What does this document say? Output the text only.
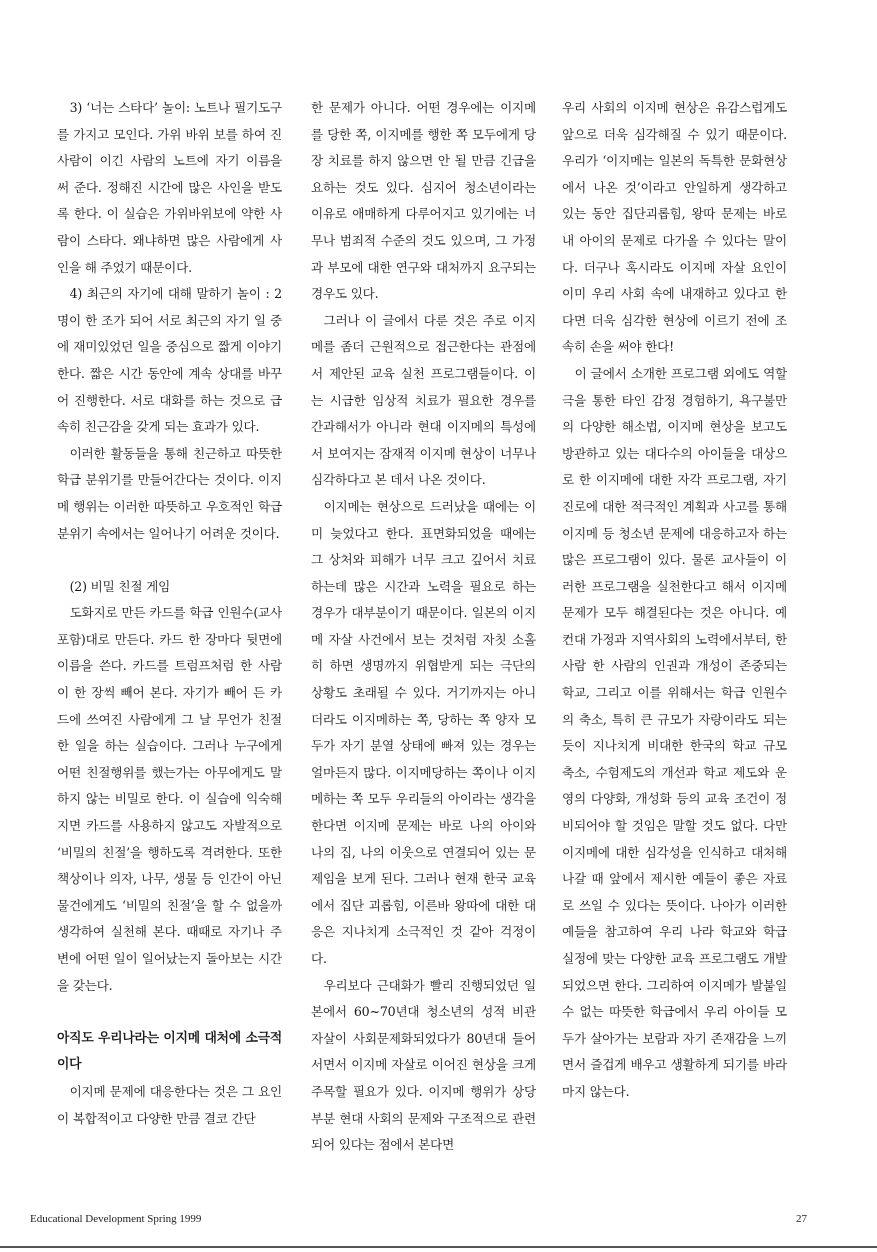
3) ‘너는 스타다’ 놀이: 노트나 필기도구를 가지고 모인다. 가위 바위 보를 하여 진 사람이 이긴 사람의 노트에 자기 이름을 써 준다. 정해진 시간에 많은 사인을 받도록 한다. 이 실습은 가위바위보에 약한 사람이 스타다. 왜냐하면 많은 사람에게 사인을 해 주었기 때문이다.

4) 최근의 자기에 대해 말하기 놀이 : 2명이 한 조가 되어 서로 최근의 자기 일 중에 재미있었던 일을 중심으로 짧게 이야기한다. 짧은 시간 동안에 계속 상대를 바꾸어 진행한다. 서로 대화를 하는 것으로 급속히 친근감을 갖게 되는 효과가 있다.

이러한 활동들을 통해 친근하고 따뜻한 학급 분위기를 만들어간다는 것이다. 이지메 행위는 이러한 따뜻하고 우호적인 학급 분위기 속에서는 일어나기 어려운 것이다.

(2) 비밀 친절 게임

도화지로 만든 카드를 학급 인원수(교사 포함)대로 만든다. 카드 한 장마다 뒷면에 이름을 쓴다. 카드를 트럼프처럼 한 사람이 한 장씩 빼어 본다. 자기가 빼어 든 카드에 쓰여진 사람에게 그 날 무언가 친절한 일을 하는 실습이다. 그러나 누구에게 어떤 친절행위를 했는가는 아무에게도 말하지 않는 비밀로 한다. 이 실습에 익숙해지면 카드를 사용하지 않고도 자발적으로 ‘비밀의 친절’을 행하도록 격려한다. 또한 책상이나 의자, 나무, 생물 등 인간이 아닌 물건에게도 ‘비밀의 친절’을 할 수 없을까 생각하여 실천해 본다. 때때로 자기나 주변에 어떤 일이 일어났는지 돌아보는 시간을 갖는다.

아직도 우리나라는 이지메 대처에 소극적이다

이지메 문제에 대응한다는 것은 그 요인이 복합적이고 다양한 만큼 결코 간단

한 문제가 아니다. 어떤 경우에는 이지메를 당한 쪽, 이지메를 행한 쪽 모두에게 당장 치료를 하지 않으면 안 될 만큼 긴급을 요하는 것도 있다. 심지어 청소년이라는 이유로 애매하게 다루어지고 있기에는 너무나 범죄적 수준의 것도 있으며, 그 가정과 부모에 대한 연구와 대처까지 요구되는 경우도 있다.

그러나 이 글에서 다룬 것은 주로 이지메를 좀더 근원적으로 접근한다는 관점에서 제안된 교육 실천 프로그램들이다. 이는 시급한 임상적 치료가 필요한 경우를 간과해서가 아니라 현대 이지메의 특성에서 보여지는 잠재적 이지메 현상이 너무나 심각하다고 본 데서 나온 것이다.

이지메는 현상으로 드러났을 때에는 이미 늦었다고 한다. 표면화되었을 때에는 그 상처와 피해가 너무 크고 깊어서 치료하는데 많은 시간과 노력을 필요로 하는 경우가 대부분이기 때문이다. 일본의 이지메 자살 사건에서 보는 것처럼 자칫 소홀히 하면 생명까지 위협받게 되는 극단의 상황도 초래될 수 있다. 거기까지는 아니더라도 이지메하는 쪽, 당하는 쪽 양자 모두가 자기 분열 상태에 빠져 있는 경우는 얼마든지 많다. 이지메당하는 쪽이나 이지메하는 쪽 모두 우리들의 아이라는 생각을 한다면 이지메 문제는 바로 나의 아이와 나의 집, 나의 이웃으로 연결되어 있는 문제임을 보게 된다. 그러나 현재 한국 교육에서 집단 괴롭힘, 이른바 왕따에 대한 대응은 지나치게 소극적인 것 같아 걱정이다.

우리보다 근대화가 빨리 진행되었던 일본에서 60~70년대 청소년의 성적 비관 자살이 사회문제화되었다가 80년대 들어서면서 이지메 자살로 이어진 현상을 크게 주목할 필요가 있다. 이지메 행위가 상당 부분 현대 사회의 문제와 구조적으로 관련되어 있다는 점에서 본다면

우리 사회의 이지메 현상은 유감스럽게도 앞으로 더욱 심각해질 수 있기 때문이다. 우리가 ‘이지메는 일본의 독특한 문화현상에서 나온 것’이라고 안일하게 생각하고 있는 동안 집단괴롭힘, 왕따 문제는 바로 내 아이의 문제로 다가올 수 있다는 말이다. 더구나 혹시라도 이지메 자살 요인이 이미 우리 사회 속에 내재하고 있다고 한다면 더욱 심각한 현상에 이르기 전에 조속히 손을 써야 한다!

이 글에서 소개한 프로그램 외에도 역할극을 통한 타인 감정 경험하기, 욕구불만의 다양한 해소법, 이지메 현상을 보고도 방관하고 있는 대다수의 아이들을 대상으로 한 이지메에 대한 자각 프로그램, 자기진로에 대한 적극적인 계획과 사고를 통해 이지메 등 청소년 문제에 대응하고자 하는 많은 프로그램이 있다. 물론 교사들이 이러한 프로그램을 실천한다고 해서 이지메 문제가 모두 해결된다는 것은 아니다. 예컨대 가정과 지역사회의 노력에서부터, 한 사람 한 사람의 인권과 개성이 존중되는 학교, 그리고 이를 위해서는 학급 인원수의 축소, 특히 큰 규모가 자랑이라도 되는 듯이 지나치게 비대한 한국의 학교 규모 축소, 수험제도의 개선과 학교 제도와 운영의 다양화, 개성화 등의 교육 조건이 정비되어야 할 것임은 말할 것도 없다. 다만 이지메에 대한 심각성을 인식하고 대처해 나갈 때 앞에서 제시한 예들이 좋은 자료로 쓰일 수 있다는 뜻이다. 나아가 이러한 예들을 참고하여 우리 나라 학교와 학급 실정에 맞는 다양한 교육 프로그램도 개발되었으면 한다. 그리하여 이지메가 발붙일 수 없는 따뜻한 학급에서 우리 아이들 모두가 살아가는 보람과 자기 존재감을 느끼면서 즐겁게 배우고 생활하게 되기를 바라마지 않는다.

Educational Development Spring 1999	27
